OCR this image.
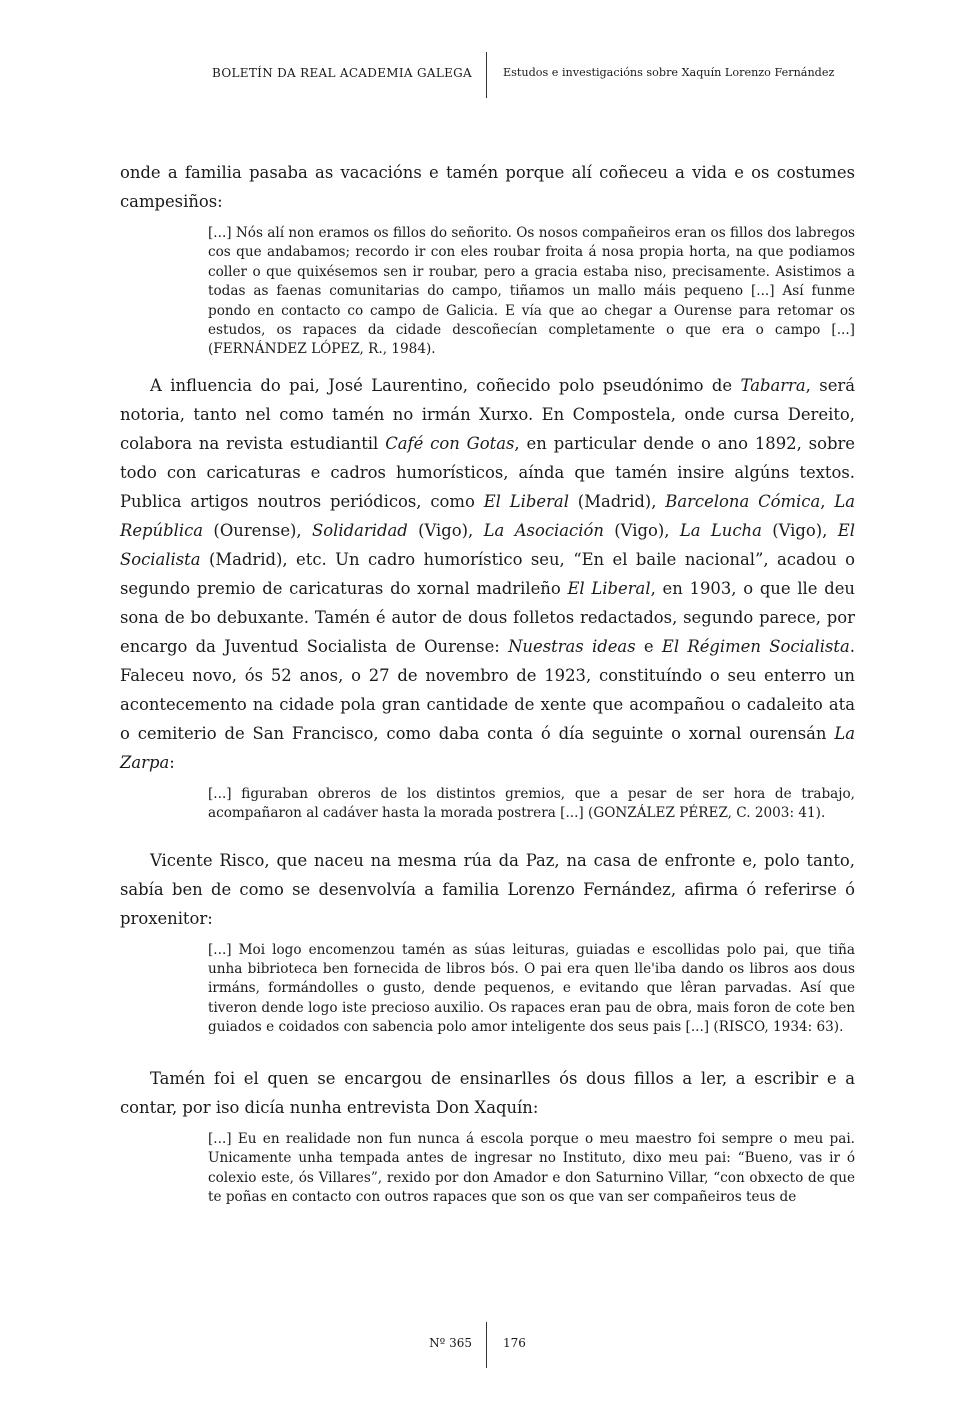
BOLETÍN DA REAL ACADEMIA GALEGA	Estudos e investigacións sobre Xaquín Lorenzo Fernández

onde a familia pasaba as vacacións e tamén porque alí coñeceu a vida e os costumes campesiños:

[...] Nós alí non eramos os fillos do señorito. Os nosos compañeiros eran os fillos dos labregos cos que andabamos; recordo ir con eles roubar froita á nosa propia horta, na que podiamos coller o que quixésemos sen ir roubar, pero a gracia estaba niso, precisamente. Asistimos a todas as faenas comunitarias do campo, tiñamos un mallo máis pequeno [...] Así funme pondo en contacto co campo de Galicia. E vía que ao chegar a Ourense para retomar os estudos, os rapaces da cidade descoñecían completamente o que era o campo [...] (FERNÁNDEZ LÓPEZ, R., 1984).

A influencia do pai, José Laurentino, coñecido polo pseudónimo de Tabarra, será notoria, tanto nel como tamén no irmán Xurxo. En Compostela, onde cursa Dereito, colabora na revista estudiantil Café con Gotas, en particular dende o ano 1892, sobre todo con caricaturas e cadros humorísticos, aínda que tamén insire algúns textos. Publica artigos noutros periódicos, como El Liberal (Madrid), Barcelona Cómica, La República (Ourense), Solidaridad (Vigo), La Asociación (Vigo), La Lucha (Vigo), El Socialista (Madrid), etc. Un cadro humorístico seu, “En el baile nacional”, acadou o segundo premio de caricaturas do xornal madrileño El Liberal, en 1903, o que lle deu sona de bo debuxante. Tamén é autor de dous folletos redactados, segundo parece, por encargo da Juventud Socialista de Ourense: Nuestras ideas e El Régimen Socialista. Faleceu novo, ós 52 anos, o 27 de novembro de 1923, constituíndo o seu enterro un acontecemento na cidade pola gran cantidade de xente que acompañou o cadaleito ata o cemiterio de San Francisco, como daba conta ó día seguinte o xornal ourensán La Zarpa:

[...] figuraban obreros de los distintos gremios, que a pesar de ser hora de trabajo, acompañaron al cadáver hasta la morada postrera [...] (GONZÁLEZ PÉREZ, C. 2003: 41).

Vicente Risco, que naceu na mesma rúa da Paz, na casa de enfronte e, polo tanto, sabía ben de como se desenvolvía a familia Lorenzo Fernández, afirma ó referirse ó proxenitor:

[...] Moi logo encomenzou tamén as súas leituras, guiadas e escollidas polo pai, que tiña unha bibrioteca ben fornecida de libros bós. O pai era quen lle'iba dando os libros aos dous irmáns, formándolles o gusto, dende pequenos, e evitando que lêran parvadas. Así que tiveron dende logo iste precioso auxilio. Os rapaces eran pau de obra, mais foron de cote ben guiados e coidados con sabencia polo amor inteligente dos seus pais [...] (RISCO, 1934: 63).

Tamén foi el quen se encargou de ensinarlles ós dous fillos a ler, a escribir e a contar, por iso dicía nunha entrevista Don Xaquín:

[...] Eu en realidade non fun nunca á escola porque o meu maestro foi sempre o meu pai. Unicamente unha tempada antes de ingresar no Instituto, dixo meu pai: “Bueno, vas ir ó colexio este, ós Villares”, rexido por don Amador e don Saturnino Villar, “con obxecto de que te poñas en contacto con outros rapaces que son os que van ser compañeiros teus de
Nº 365	176
